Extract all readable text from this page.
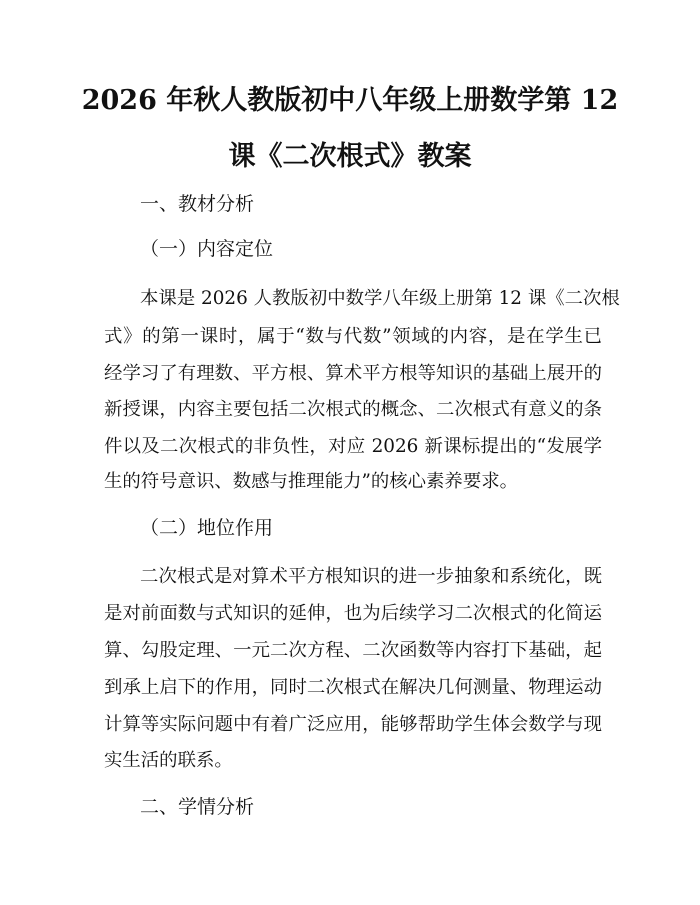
2026 年秋人教版初中八年级上册数学第 12
课《二次根式》教案
一、教材分析
（一）内容定位
本课是 2026 人教版初中数学八年级上册第 12 课《二次根
式》的第一课时，属于“数与代数”领域的内容，是在学生已
经学习了有理数、平方根、算术平方根等知识的基础上展开的
新授课，内容主要包括二次根式的概念、二次根式有意义的条
件以及二次根式的非负性，对应 2026 新课标提出的“发展学
生的符号意识、数感与推理能力”的核心素养要求。
（二）地位作用
二次根式是对算术平方根知识的进一步抽象和系统化，既
是对前面数与式知识的延伸，也为后续学习二次根式的化简运
算、勾股定理、一元二次方程、二次函数等内容打下基础，起
到承上启下的作用，同时二次根式在解决几何测量、物理运动
计算等实际问题中有着广泛应用，能够帮助学生体会数学与现
实生活的联系。
二、学情分析
